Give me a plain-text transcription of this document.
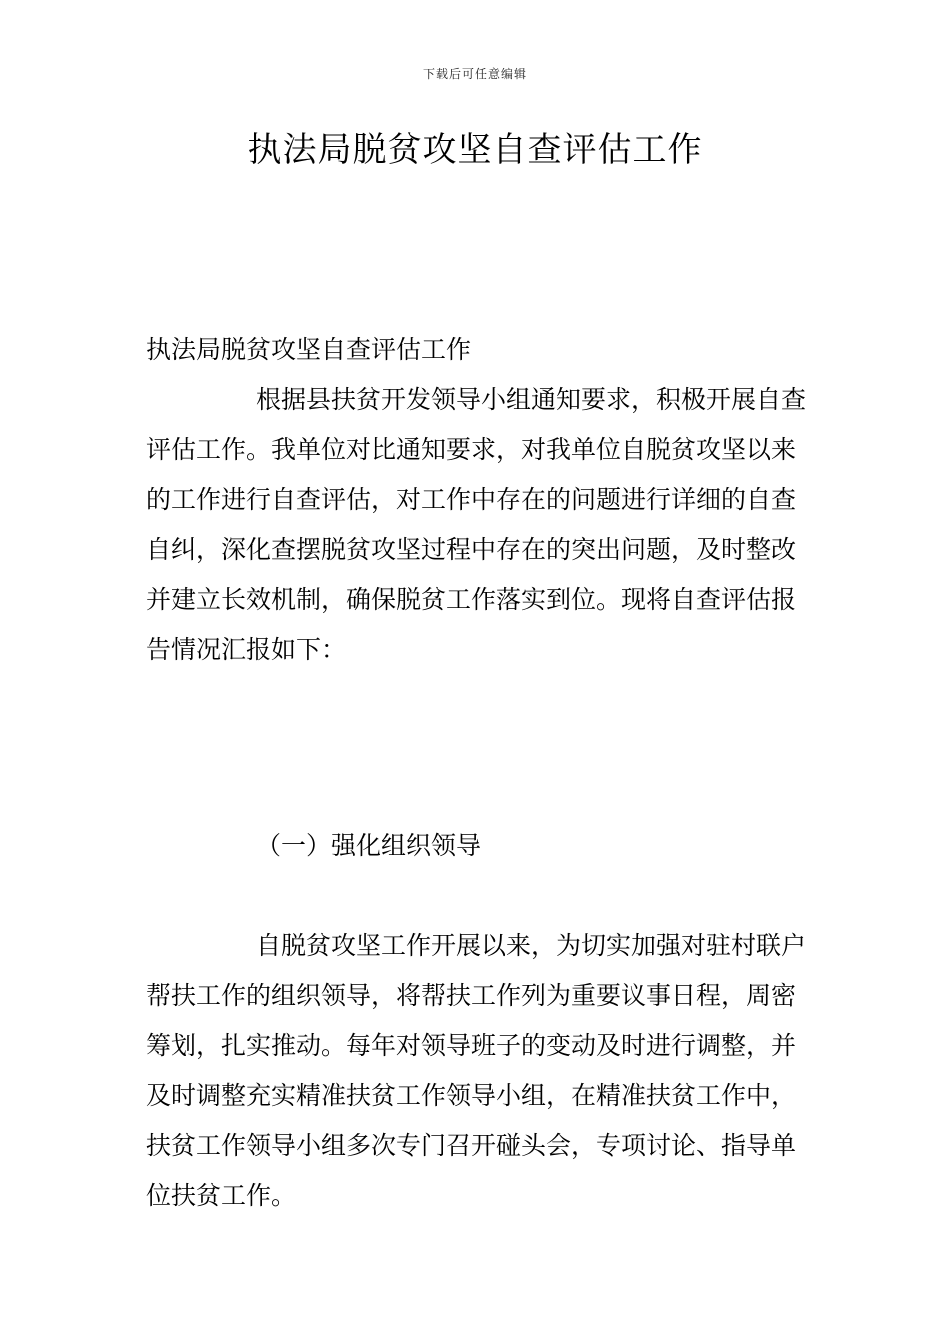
下载后可任意编辑
执法局脱贫攻坚自查评估工作

执法局脱贫攻坚自查评估工作

根据县扶贫开发领导小组通知要求，积极开展自查评估工作。我单位对比通知要求，对我单位自脱贫攻坚以来的工作进行自查评估，对工作中存在的问题进行详细的自查自纠，深化查摆脱贫攻坚过程中存在的突出问题，及时整改并建立长效机制，确保脱贫工作落实到位。现将自查评估报告情况汇报如下：

（一）强化组织领导

自脱贫攻坚工作开展以来，为切实加强对驻村联户帮扶工作的组织领导，将帮扶工作列为重要议事日程，周密筹划，扎实推动。每年对领导班子的变动及时进行调整，并及时调整充实精准扶贫工作领导小组，在精准扶贫工作中，扶贫工作领导小组多次专门召开碰头会，专项讨论、指导单位扶贫工作。
